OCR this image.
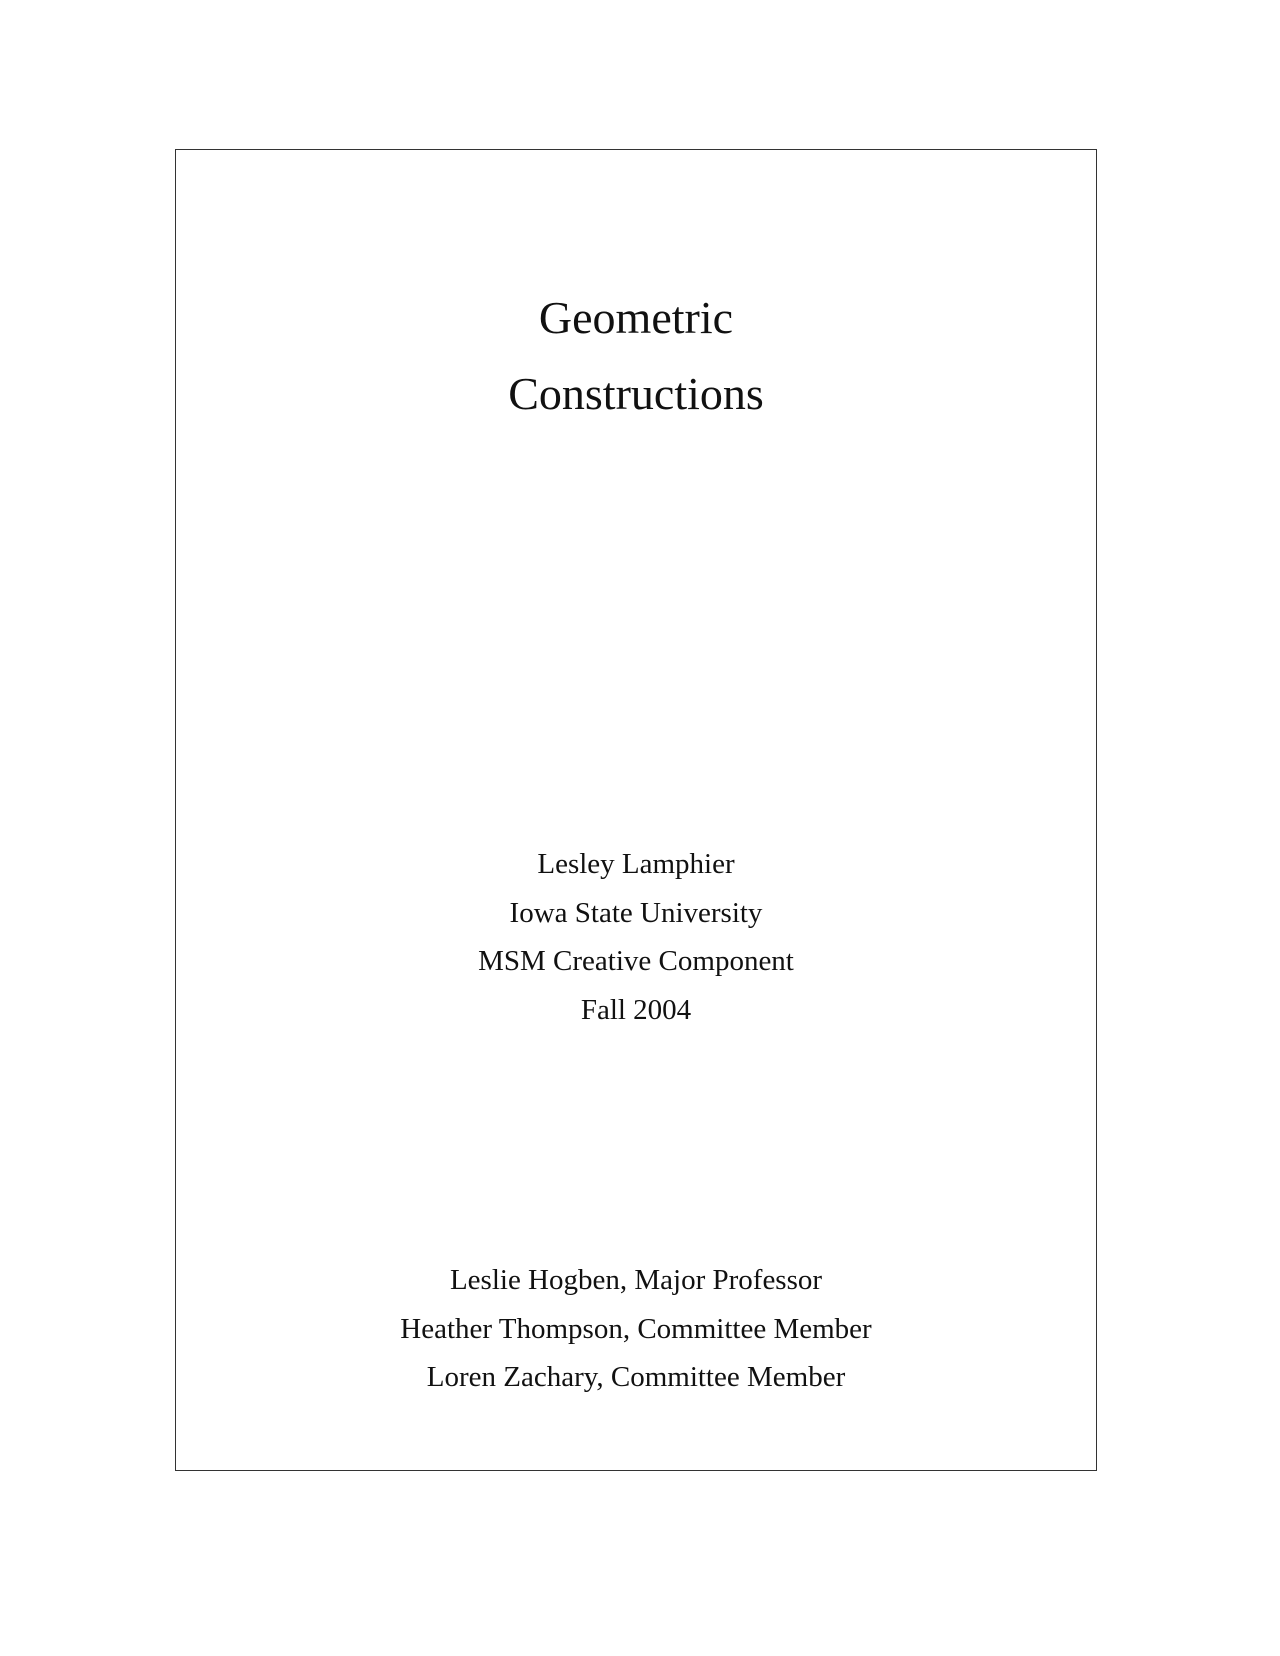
Geometric
Constructions
Lesley Lamphier
Iowa State University
MSM Creative Component
Fall 2004
Leslie Hogben, Major Professor
Heather Thompson, Committee Member
Loren Zachary, Committee Member
